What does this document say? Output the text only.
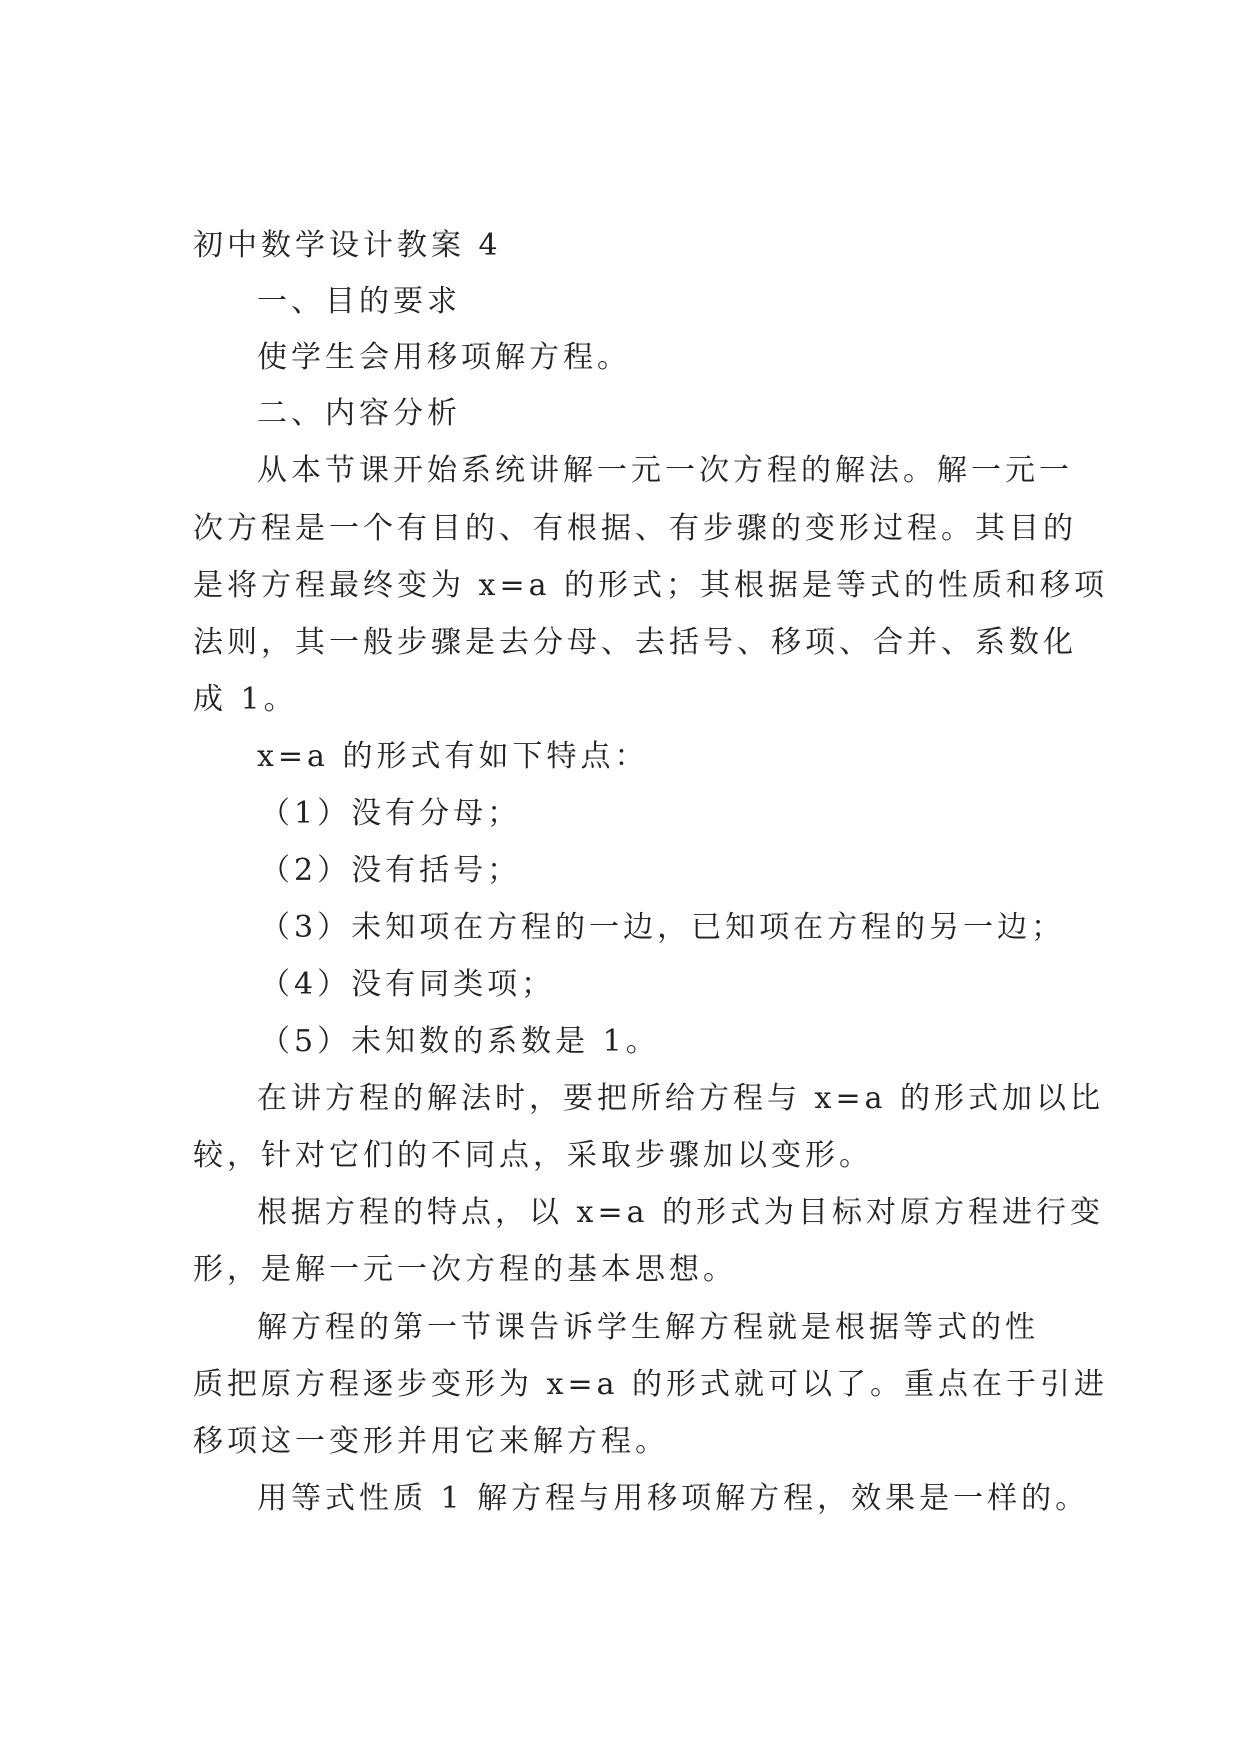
初中数学设计教案 4
一、目的要求
使学生会用移项解方程。
二、内容分析
从本节课开始系统讲解一元一次方程的解法。解一元一
次方程是一个有目的、有根据、有步骤的变形过程。其目的
是将方程最终变为 x=a 的形式；其根据是等式的性质和移项
法则，其一般步骤是去分母、去括号、移项、合并、系数化
成 1。
x=a 的形式有如下特点：
（1）没有分母；
（2）没有括号；
（3）未知项在方程的一边，已知项在方程的另一边；
（4）没有同类项；
（5）未知数的系数是 1。
在讲方程的解法时，要把所给方程与 x=a 的形式加以比
较，针对它们的不同点，采取步骤加以变形。
根据方程的特点，以 x=a 的形式为目标对原方程进行变
形，是解一元一次方程的基本思想。
解方程的第一节课告诉学生解方程就是根据等式的性
质把原方程逐步变形为 x=a 的形式就可以了。重点在于引进
移项这一变形并用它来解方程。
用等式性质 1 解方程与用移项解方程，效果是一样的。
